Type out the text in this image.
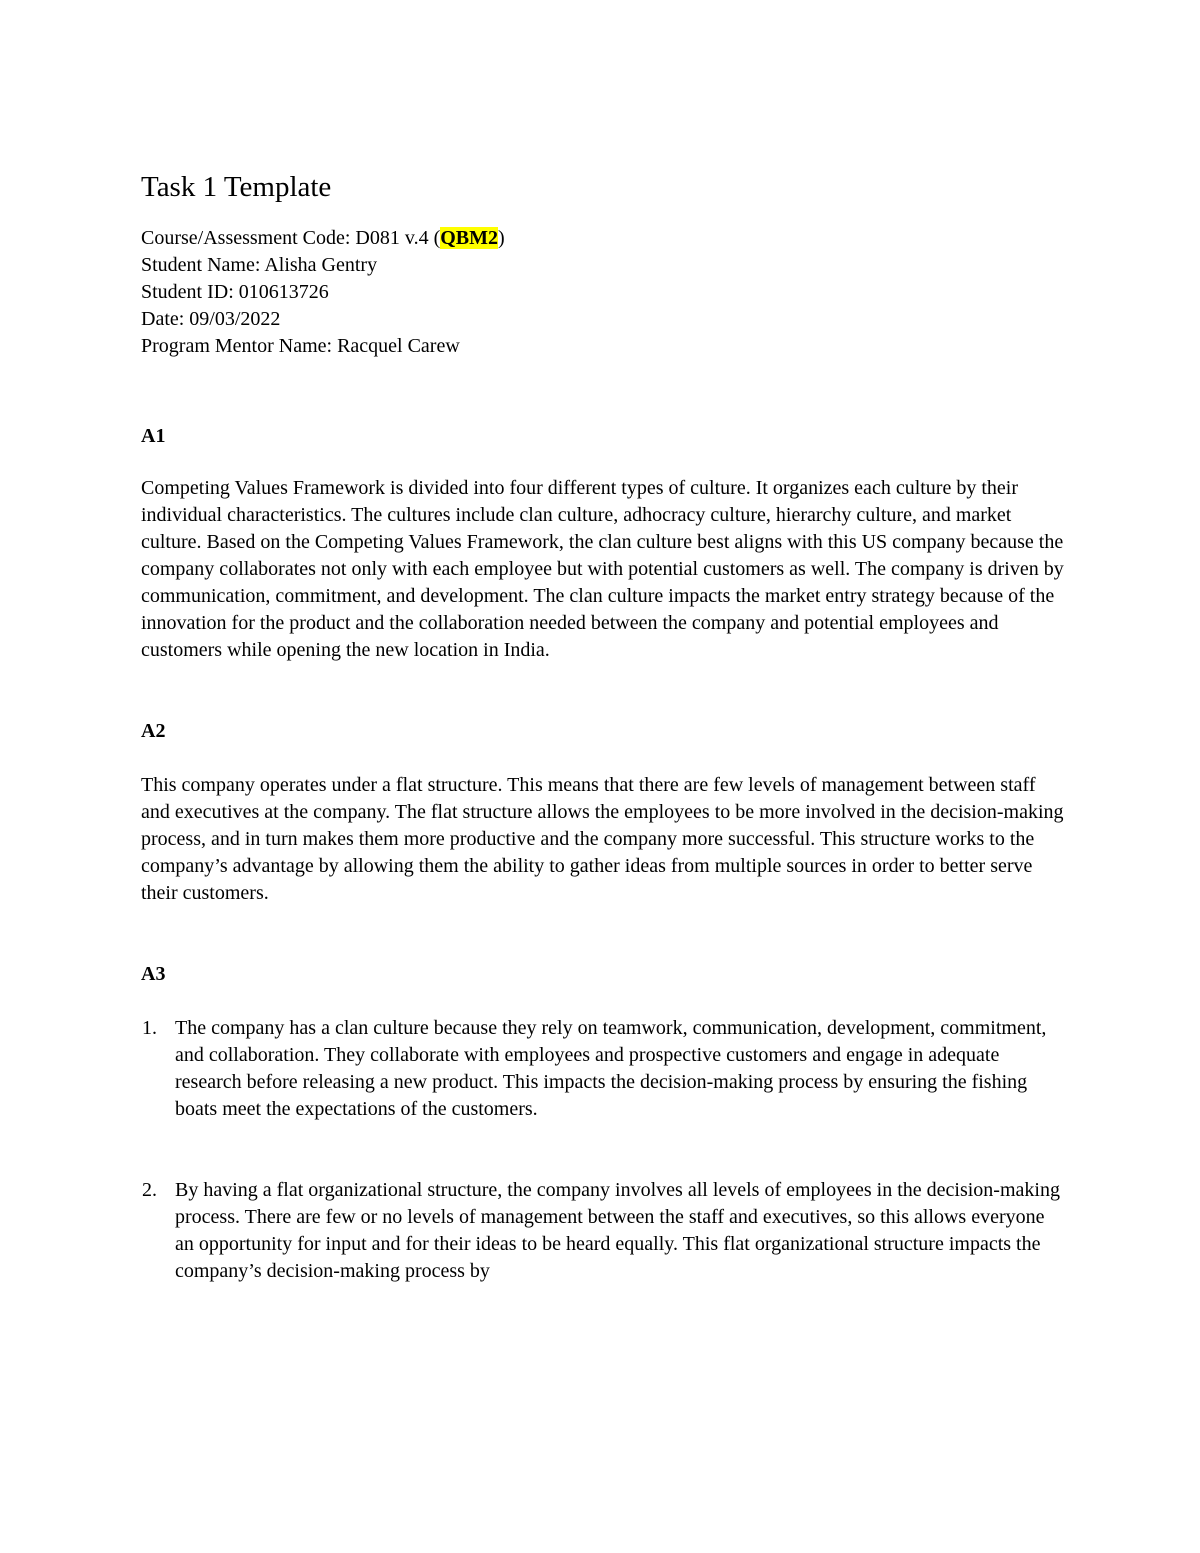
Task 1 Template

Course/Assessment Code: D081 v.4 (QBM2)

Student Name: Alisha Gentry

Student ID: 010613726

Date: 09/03/2022

Program Mentor Name: Racquel Carew

A1

Competing Values Framework is divided into four different types of culture. It organizes each culture by their individual characteristics. The cultures include clan culture, adhocracy culture, hierarchy culture, and market culture. Based on the Competing Values Framework, the clan culture best aligns with this US company because the company collaborates not only with each employee but with potential customers as well. The company is driven by communication, commitment, and development. The clan culture impacts the market entry strategy because of the innovation for the product and the collaboration needed between the company and potential employees and customers while opening the new location in India.

A2

This company operates under a flat structure. This means that there are few levels of management between staff and executives at the company. The flat structure allows the employees to be more involved in the decision-making process, and in turn makes them more productive and the company more successful. This structure works to the company’s advantage by allowing them the ability to gather ideas from multiple sources in order to better serve their customers.

A3
1. The company has a clan culture because they rely on teamwork, communication, development, commitment, and collaboration. They collaborate with employees and prospective customers and engage in adequate research before releasing a new product. This impacts the decision-making process by ensuring the fishing boats meet the expectations of the customers.
2. By having a flat organizational structure, the company involves all levels of employees in the decision-making process. There are few or no levels of management between the staff and executives, so this allows everyone an opportunity for input and for their ideas to be heard equally. This flat organizational structure impacts the company’s decision-making process by
